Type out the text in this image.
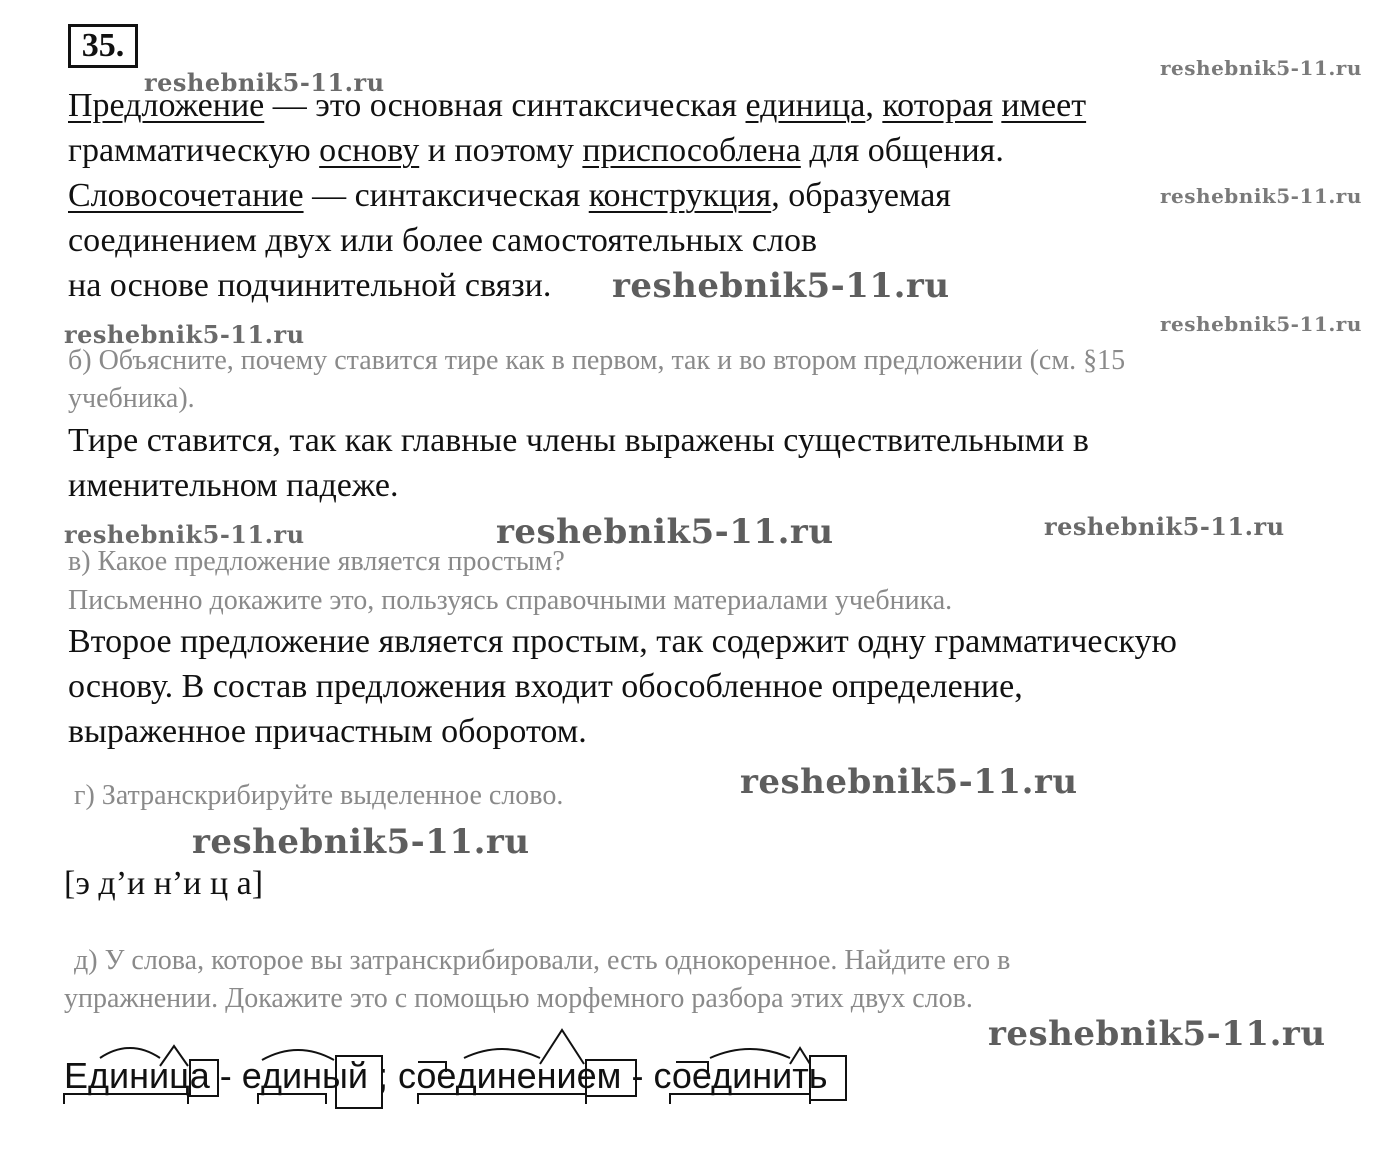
35.
reshebnik5-11.ru	reshebnik5-11.ru
reshebnik5-11.ru
reshebnik5-11.ru
reshebnik5-11.ru	reshebnik5-11.ru
reshebnik5-11.ru	reshebnik5-11.ru	reshebnik5-11.ru
reshebnik5-11.ru
reshebnik5-11.ru
reshebnik5-11.ru
Предложение — это основная синтаксическая единица, которая имеет
грамматическую основу и поэтому приспособлена для общения.
Словосочетание — синтаксическая конструкция, образуемая
соединением двух или более самостоятельных слов
на основе подчинительной связи.
б) Объясните, почему ставится тире как в первом, так и во втором предложении (см. §15
учебника).
Тире ставится, так как главные члены выражены существительными в
именительном падеже.
в) Какое предложение является простым?
Письменно докажите это, пользуясь справочными материалами учебника.
Второе предложение является простым, так содержит одну грамматическую
основу. В состав предложения входит обособленное определение,
выраженное причастным оборотом.
г) Затранскрибируйте выделенное слово.
[э д’и н’и ц а]
д) У слова, которое вы затранскрибировали, есть однокоренное. Найдите его в
упражнении. Докажите это с помощью морфемного разбора этих двух слов.
Единица - единый ; соединением - соединить
